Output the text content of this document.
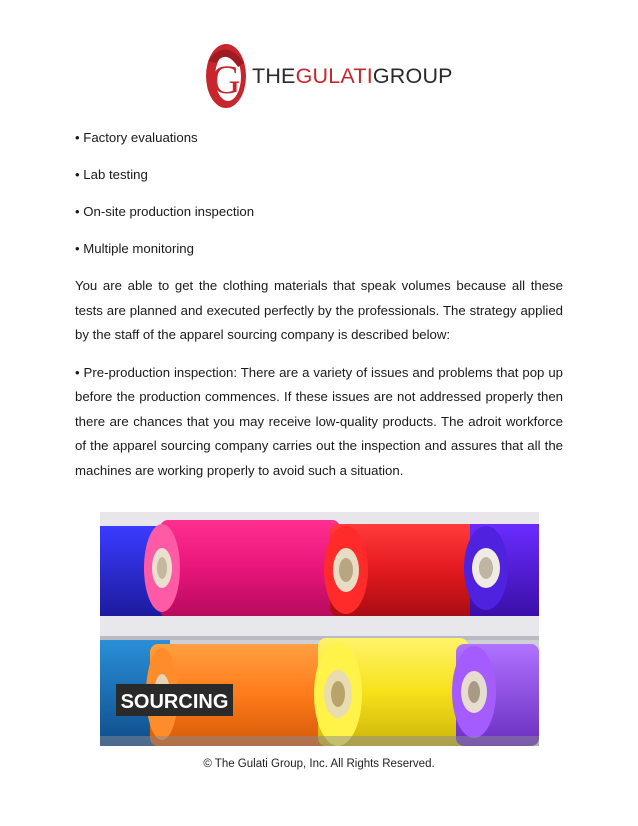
G THEGULATIGROUP

• Factory evaluations

• Lab testing

• On-site production inspection

• Multiple monitoring

You are able to get the clothing materials that speak volumes because all these tests are planned and executed perfectly by the professionals. The strategy applied by the staff of the apparel sourcing company is described below:

• Pre-production inspection: There are a variety of issues and problems that pop up before the production commences. If these issues are not addressed properly then there are chances that you may receive low-quality products. The adroit workforce of the apparel sourcing company carries out the inspection and assures that all the machines are working properly to avoid such a situation.

SOURCING
© The Gulati Group, Inc. All Rights Reserved.
